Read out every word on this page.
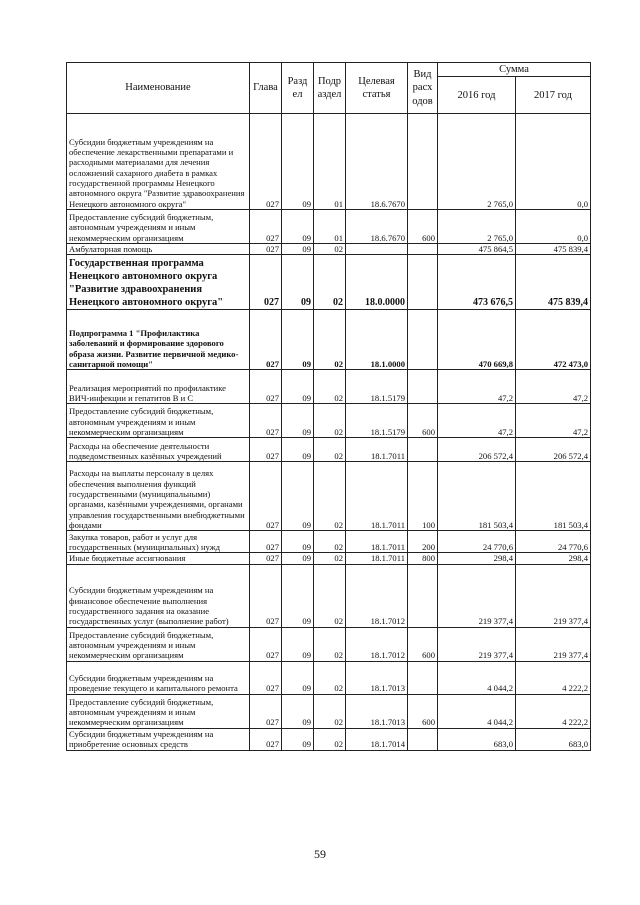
Наименование	Глава	Разд ел	Подр аздел	Целевая статья	Вид расх одов	Сумма	
						2016 год	2017 год
Субсидии бюджетным учреждениям на обеспечение лекарственными препаратами и расходными материалами для лечения осложнений сахарного диабета в рамках государственной программы Ненецкого автономного округа "Развитие здравоохранения Ненецкого автономного округа"	027	09	01	18.6.7670		2 765,0	0,0
Предоставление субсидий бюджетным, автономным учреждениям и иным некоммерческим организациям	027	09	01	18.6.7670	600	2 765,0	0,0
Амбулаторная помощь	027	09	02			475 864,5	475 839,4
Государственная программа Ненецкого автономного округа "Развитие здравоохранения Ненецкого автономного округа"	027	09	02	18.0.0000		473 676,5	475 839,4
Подпрограмма 1 "Профилактика заболеваний и формирование здорового образа жизни. Развитие первичной медико-санитарной помощи"	027	09	02	18.1.0000		470 669,8	472 473,0
Реализация мероприятий по профилактике ВИЧ-инфекции и гепатитов В и С	027	09	02	18.1.5179		47,2	47,2
Предоставление субсидий бюджетным, автономным учреждениям и иным некоммерческим организациям	027	09	02	18.1.5179	600	47,2	47,2
Расходы на обеспечение деятельности подведомственных казённых учреждений	027	09	02	18.1.7011		206 572,4	206 572,4
Расходы на выплаты персоналу в целях обеспечения выполнения функций государственными (муниципальными) органами, казёнными учреждениями, органами управления государственными внебюджетными фондами	027	09	02	18.1.7011	100	181 503,4	181 503,4
Закупка товаров, работ и услуг для государственных (муниципальных) нужд	027	09	02	18.1.7011	200	24 770,6	24 770,6
Иные бюджетные ассигнования	027	09	02	18.1.7011	800	298,4	298,4
Субсидии бюджетным учреждениям на финансовое обеспечение выполнения государственного задания на оказание государственных услуг (выполнение работ)	027	09	02	18.1.7012		219 377,4	219 377,4
Предоставление субсидий бюджетным, автономным учреждениям и иным некоммерческим организациям	027	09	02	18.1.7012	600	219 377,4	219 377,4
Субсидии бюджетным учреждениям на проведение текущего и капитального ремонта	027	09	02	18.1.7013		4 044,2	4 222,2
Предоставление субсидий бюджетным, автономным учреждениям и иным некоммерческим организациям	027	09	02	18.1.7013	600	4 044,2	4 222,2
Субсидии бюджетным учреждениям на приобретение основных средств	027	09	02	18.1.7014		683,0	683,0
59
